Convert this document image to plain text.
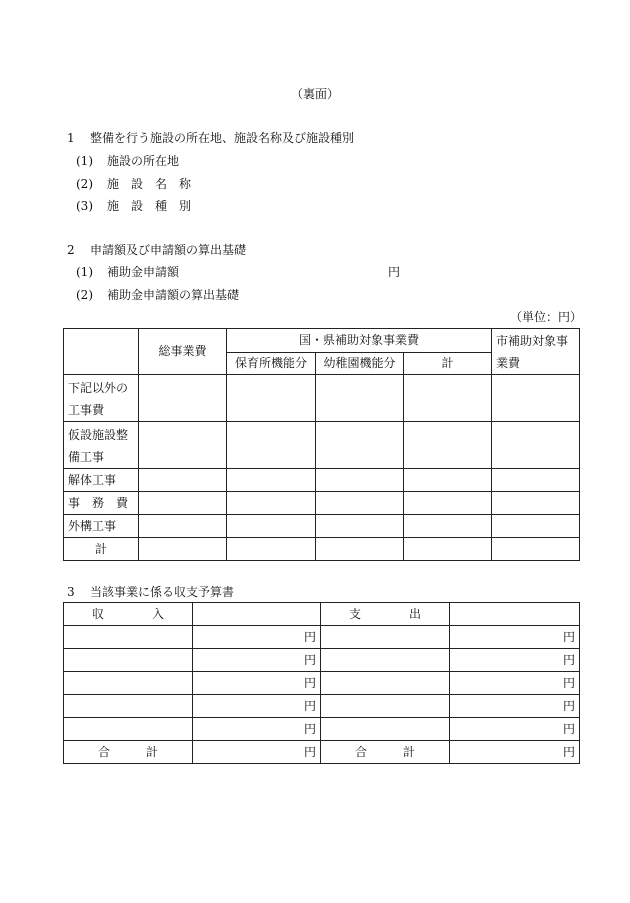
（裏面）
1 整備を行う施設の所在地、施設名称及び施設種別
(1) 施設の所在地
(2) 施　設　名　称
(3) 施　設　種　別
2 申請額及び申請額の算出基礎
(1) 補助金申請額	円
(2) 補助金申請額の算出基礎
（単位：円）
	総事業費	国・県補助対象事業費			市補助対象事
業費
		保育所機能分	幼稚園機能分	計	
下記以外の
工事費					
仮設施設整
備工事					
解体工事					
事　務　費					
外構工事					
計					
3 当該事業に係る収支予算書
収　　　　入		支　　　　出	
	円		円
	円		円
	円		円
	円		円
	円		円
合　　　計	円	合　　　計	円
